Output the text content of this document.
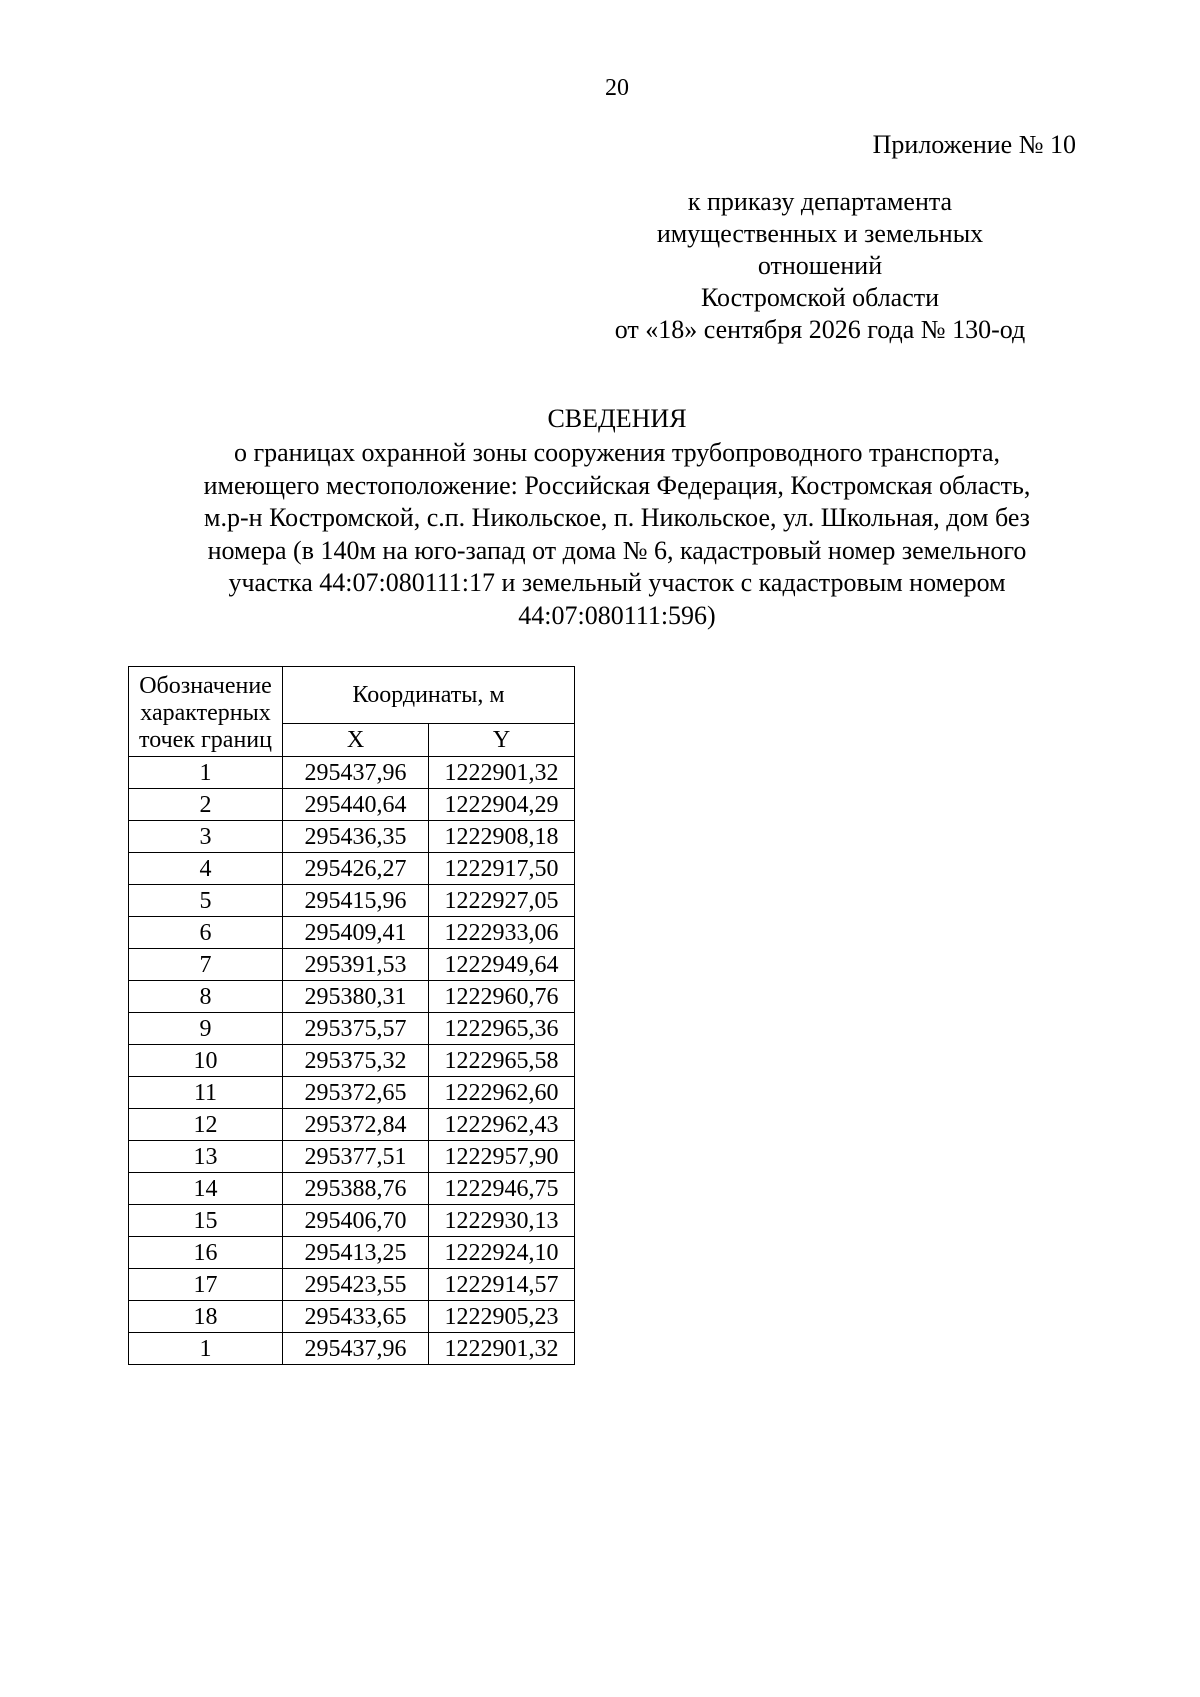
20
Приложение № 10
к приказу департамента
имущественных и земельных
отношений
Костромской области
от «18» сентября 2026 года № 130-од
СВЕДЕНИЯ
о границах охранной зоны сооружения трубопроводного транспорта,
имеющего местоположение: Российская Федерация, Костромская область,
м.р-н Костромской, с.п. Никольское, п. Никольское, ул. Школьная, дом без
номера (в 140м на юго-запад от дома № 6, кадастровый номер земельного
участка 44:07:080111:17 и земельный участок с кадастровым номером
44:07:080111:596)
Обозначение
характерных
точек границ	Координаты, м	
	X	Y
1	295437,96	1222901,32
2	295440,64	1222904,29
3	295436,35	1222908,18
4	295426,27	1222917,50
5	295415,96	1222927,05
6	295409,41	1222933,06
7	295391,53	1222949,64
8	295380,31	1222960,76
9	295375,57	1222965,36
10	295375,32	1222965,58
11	295372,65	1222962,60
12	295372,84	1222962,43
13	295377,51	1222957,90
14	295388,76	1222946,75
15	295406,70	1222930,13
16	295413,25	1222924,10
17	295423,55	1222914,57
18	295433,65	1222905,23
1	295437,96	1222901,32
